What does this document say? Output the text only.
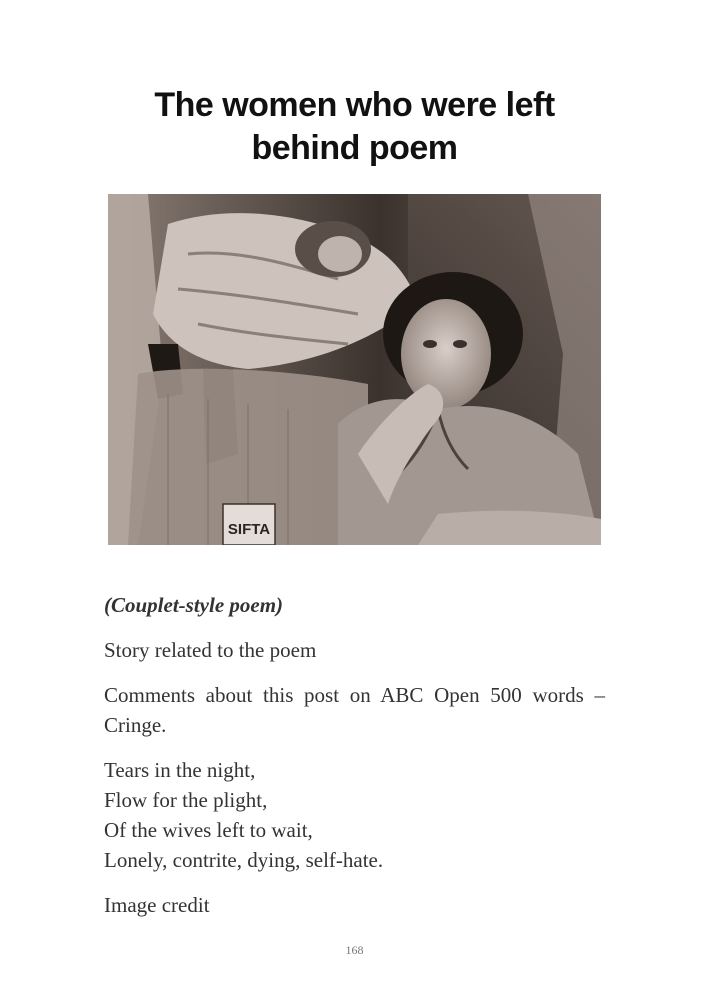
The women who were left
behind poem
SIFTA

(Couplet-style poem)

Story related to the poem

Comments about this post on ABC Open 500 words – Cringe.

Tears in the night,
Flow for the plight,
Of the wives left to wait,
Lonely, contrite, dying, self-hate.

Image credit

168
